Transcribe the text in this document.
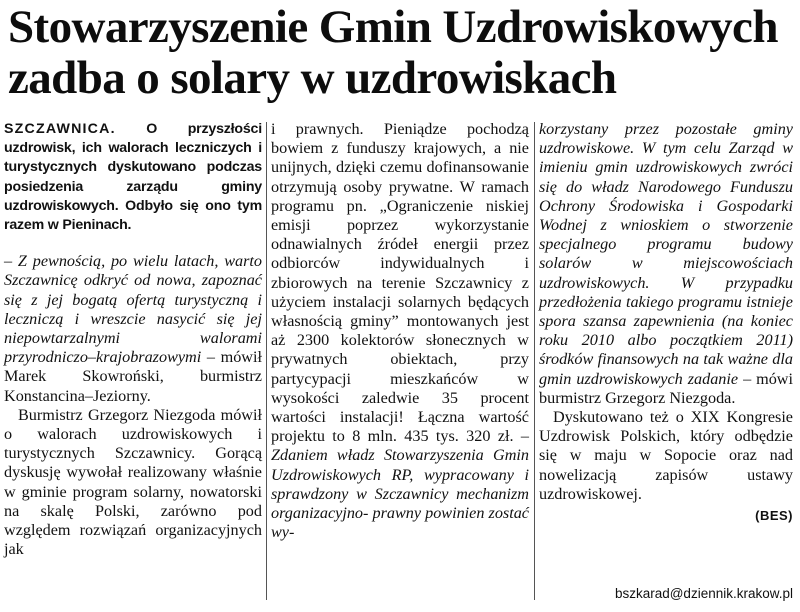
Stowarzyszenie Gmin Uzdrowiskowych
zadba o solary w uzdrowiskach

SZCZAWNICA. O przyszłości uzdrowisk, ich walorach leczniczych i turystycznych dyskutowano podczas posiedzenia zarządu gminy uzdrowiskowych. Odbyło się ono tym razem w Pieninach.

– Z pewnością, po wielu latach, warto Szczawnicę odkryć od nowa, zapoznać się z jej bogatą ofertą turystyczną i leczniczą i wreszcie nasycić się jej niepowtarzalnymi walorami przyrodniczo–krajobrazowymi – mówił Marek Skowroński, burmistrz Konstancina–Jeziorny.

Burmistrz Grzegorz Niezgoda mówił o walorach uzdrowiskowych i turystycznych Szczawnicy. Gorącą dyskusję wywołał realizowany właśnie w gminie program solarny, nowatorski na skalę Polski, zarówno pod względem rozwiązań organizacyjnych jak

i prawnych. Pieniądze pochodzą bowiem z funduszy krajowych, a nie unijnych, dzięki czemu dofinansowanie otrzymują osoby prywatne. W ramach programu pn. „Ograniczenie niskiej emisji poprzez wykorzystanie odnawialnych źródeł energii przez odbiorców indywidualnych i zbiorowych na terenie Szczawnicy z użyciem instalacji solarnych będących własnością gminy” montowanych jest aż 2300 kolektorów słonecznych w prywatnych obiektach, przy partycypacji mieszkańców w wysokości zaledwie 35 procent wartości instalacji! Łączna wartość projektu to 8 mln. 435 tys. 320 zł. – Zdaniem władz Stowarzyszenia Gmin Uzdrowiskowych RP, wypracowany i sprawdzony w Szczawnicy mechanizm organizacyjno- prawny powinien zostać wy-

korzystany przez pozostałe gminy uzdrowiskowe. W tym celu Zarząd w imieniu gmin uzdrowiskowych zwróci się do władz Narodowego Funduszu Ochrony Środowiska i Gospodarki Wodnej z wnioskiem o stworzenie specjalnego programu budowy solarów w miejscowościach uzdrowiskowych. W przypadku przedłożenia takiego programu istnieje spora szansa zapewnienia (na koniec roku 2010 albo początkiem 2011) środków finansowych na tak ważne dla gmin uzdrowiskowych zadanie – mówi burmistrz Grzegorz Niezgoda.

Dyskutowano też o XIX Kongresie Uzdrowisk Polskich, który odbędzie się w maju w Sopocie oraz nad nowelizacją zapisów ustawy uzdrowiskowej.

(BES)

bszkarad@dziennik.krakow.pl
